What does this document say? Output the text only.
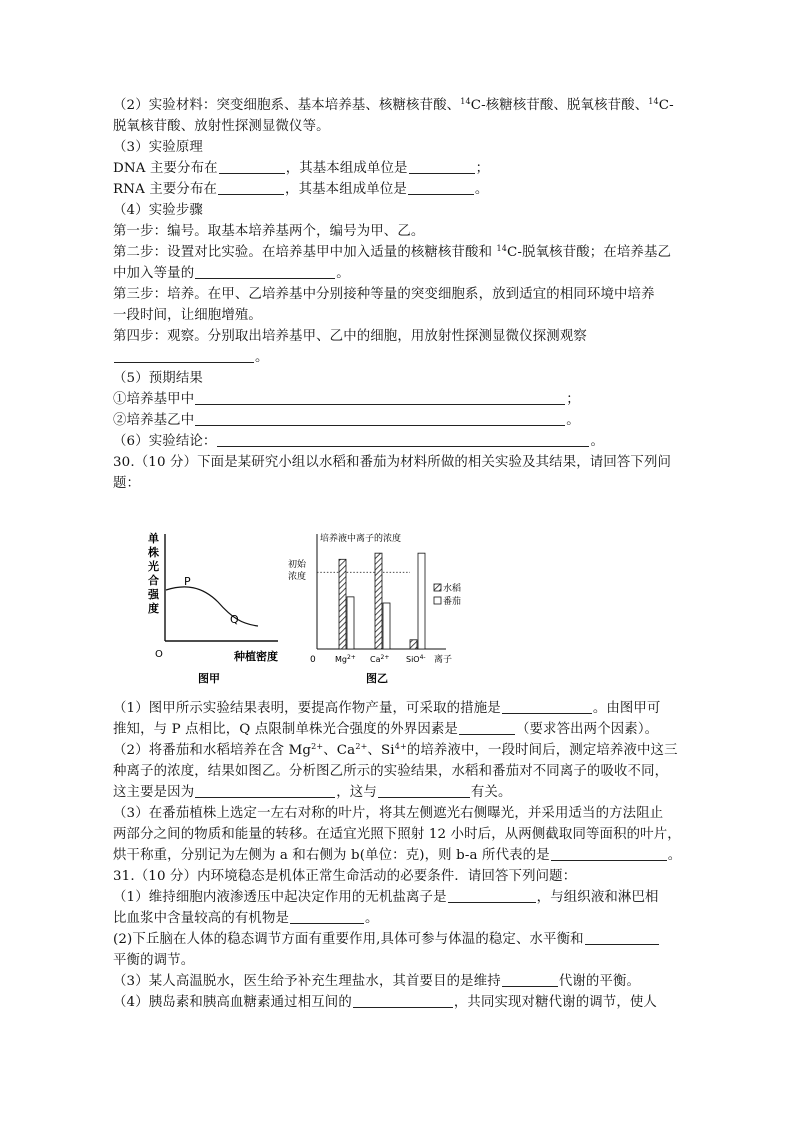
（2）实验材料：突变细胞系、基本培养基、核糖核苷酸、$^{14}$C-核糖核苷酸、脱氧核苷酸、$^{14}$C-
脱氧核苷酸、放射性探测显微仪等。
（3）实验原理
DNA 主要分布在	，其基本组成单位是	；
RNA 主要分布在	，其基本组成单位是	。
（4）实验步骤
第一步：编号。取基本培养基两个，编号为甲、乙。
第二步：设置对比实验。在培养基甲中加入适量的核糖核苷酸和 $^{14}$C-脱氧核苷酸；在培养基乙
中加入等量的	。
第三步：培养。在甲、乙培养基中分别接种等量的突变细胞系，放到适宜的相同环境中培养
一段时间，让细胞增殖。
第四步：观察。分别取出培养基甲、乙中的细胞，用放射性探测显微仪探测观察
。
（5）预期结果
①培养基甲中	；
②培养基乙中	。
（6）实验结论：	。
30.（10 分）下面是某研究小组以水稻和番茄为材料所做的相关实验及其结果，请回答下列问
题：
单
株
光
合
强
度
P
Q
O	种植密度
图甲
培养液中离子的浓度
初始
浓度
0 $Mg^{2+}$ $Ca^{2+}$ SiO$^{4-}$ 离子
水稻
番茄
图乙
（1）图甲所示实验结果表明，要提高作物产量，可采取的措施是	。由图甲可
推知，与 P 点相比，Q 点限制单株光合强度的外界因素是	（要求答出两个因素）。
（2）将番茄和水稻培养在含 $Mg^{2+}$、$Ca^{2+}$、$Si^{4+}$的培养液中，一段时间后，测定培养液中这三
种离子的浓度，结果如图乙。分析图乙所示的实验结果，水稻和番茄对不同离子的吸收不同，
这主要是因为	，这与	有关。
（3）在番茄植株上选定一左右对称的叶片，将其左侧遮光右侧曝光，并采用适当的方法阻止
两部分之间的物质和能量的转移。在适宜光照下照射 12 小时后，从两侧截取同等面积的叶片，
烘干称重，分别记为左侧为 a 和右侧为 b(单位：克)，则 b-a 所代表的是	。
31.（10 分）内环境稳态是机体正常生命活动的必要条件．请回答下列问题：
（1）维持细胞内液渗透压中起决定作用的无机盐离子是	，与组织液和淋巴相
比血浆中含量较高的有机物是	。
(2)下丘脑在人体的稳态调节方面有重要作用,具体可参与体温的稳定、水平衡和
平衡的调节。
（3）某人高温脱水，医生给予补充生理盐水，其首要目的是维持	代谢的平衡。
（4）胰岛素和胰高血糖素通过相互间的	，共同实现对糖代谢的调节，使人
